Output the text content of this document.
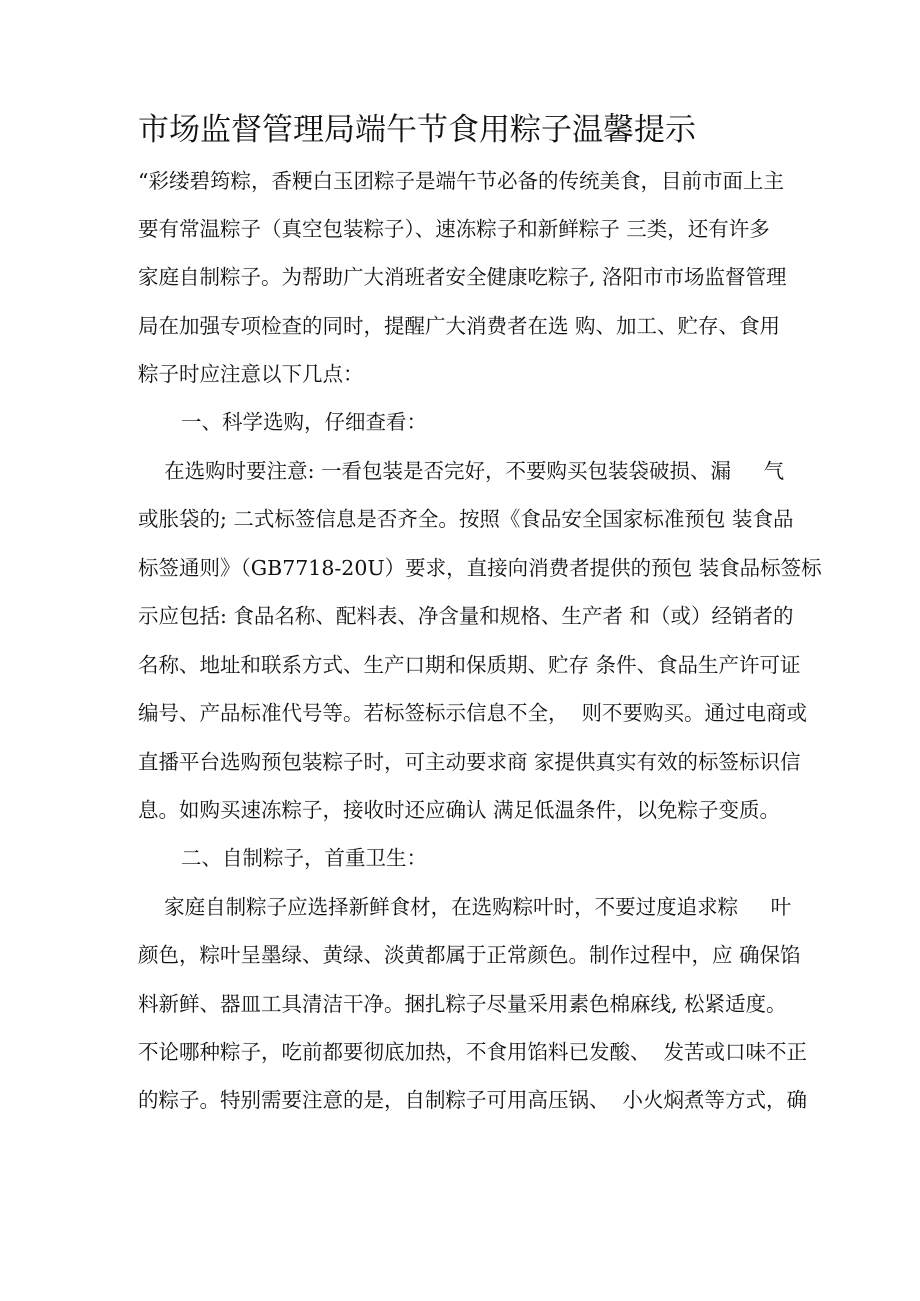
市场监督管理局端午节食用粽子温馨提示
“彩缕碧筠粽，香粳白玉团粽子是端午节必备的传统美食，目前市面上主
要有常温粽子（真空包装粽子）、速冻粽子和新鲜粽子 三类，还有许多
家庭自制粽子。为帮助广大消班者安全健康吃粽子, 洛阳市市场监督管理
局在加强专项检查的同时，提醒广大消费者在选 购、加工、贮存、食用
粽子时应注意以下几点：
一、科学选购，仔细查看：
在选购时要注意: 一看包装是否完好，不要购买包装袋破损、漏     气
或胀袋的; 二式标签信息是否齐全。按照《食品安全国家标准预包 装食品
标签通则》（GB7718-20U）要求，直接向消费者提供的预包 装食品标签标
示应包括: 食品名称、配料表、净含量和规格、生产者 和（或）经销者的
名称、地址和联系方式、生产口期和保质期、贮存 条件、食品生产许可证
编号、产品标准代号等。若标签标示信息不全，  则不要购买。通过电商或
直播平台选购预包装粽子时，可主动要求商 家提供真实有效的标签标识信
息。如购买速冻粽子，接收时还应确认 满足低温条件，以免粽子变质。
二、自制粽子，首重卫生：
家庭自制粽子应选择新鲜食材，在选购粽叶时，不要过度追求粽     叶
颜色，粽叶呈墨绿、黄绿、淡黄都属于正常颜色。制作过程中，应 确保馅
料新鲜、器皿工具清洁干净。捆扎粽子尽量采用素色棉麻线, 松紧适度。
不论哪种粽子，吃前都要彻底加热，不食用馅料已发酸、  发苦或口味不正
的粽子。特别需要注意的是，自制粽子可用高压锅、  小火焖煮等方式，确
